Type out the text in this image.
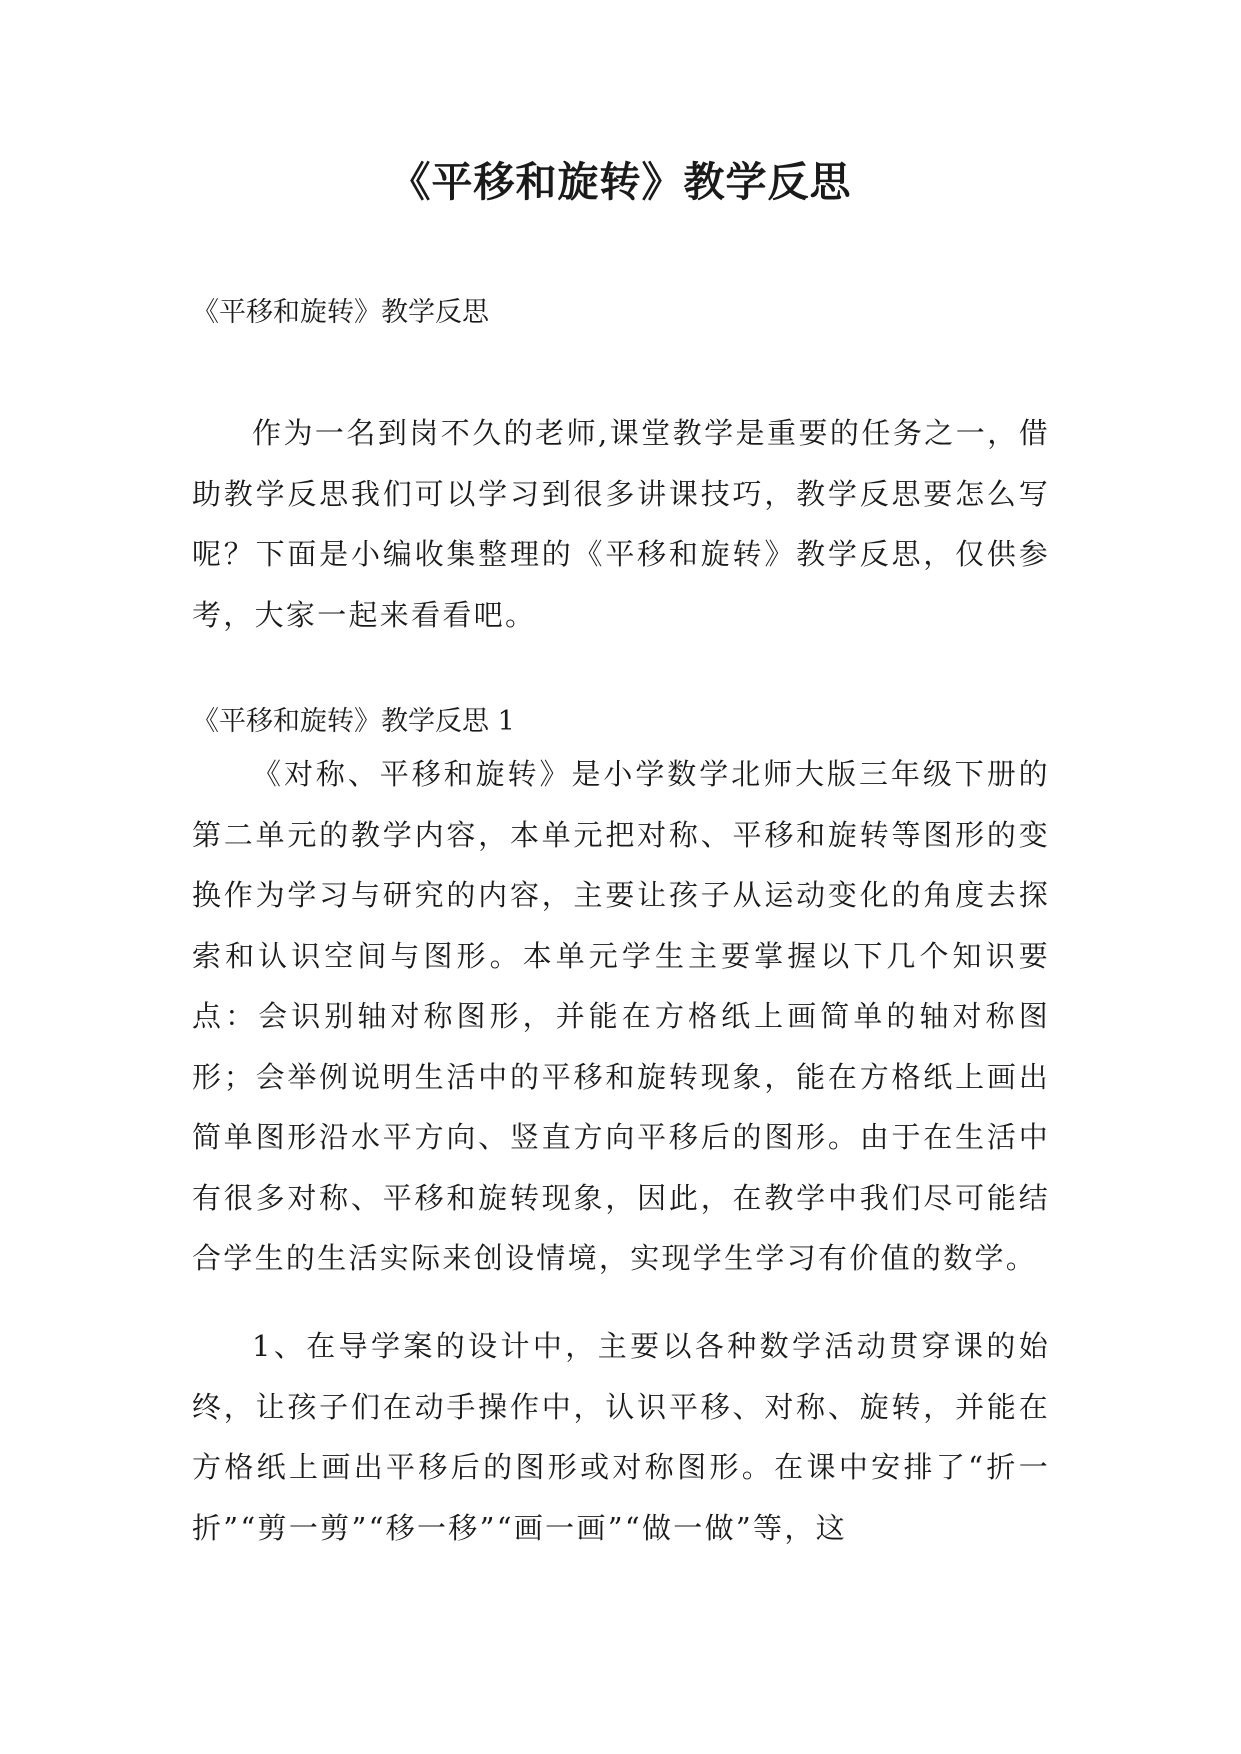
《平移和旋转》教学反思
《平移和旋转》教学反思

作为一名到岗不久的老师,课堂教学是重要的任务之一，借助教学反思我们可以学习到很多讲课技巧，教学反思要怎么写呢？下面是小编收集整理的《平移和旋转》教学反思，仅供参考，大家一起来看看吧。

《平移和旋转》教学反思 1

《对称、平移和旋转》是小学数学北师大版三年级下册的第二单元的教学内容，本单元把对称、平移和旋转等图形的变换作为学习与研究的内容，主要让孩子从运动变化的角度去探索和认识空间与图形。本单元学生主要掌握以下几个知识要点：会识别轴对称图形，并能在方格纸上画简单的轴对称图形；会举例说明生活中的平移和旋转现象，能在方格纸上画出简单图形沿水平方向、竖直方向平移后的图形。由于在生活中有很多对称、平移和旋转现象，因此，在教学中我们尽可能结合学生的生活实际来创设情境，实现学生学习有价值的数学。

1、在导学案的设计中，主要以各种数学活动贯穿课的始终，让孩子们在动手操作中，认识平移、对称、旋转，并能在方格纸上画出平移后的图形或对称图形。在课中安排了“折一折”“剪一剪”“移一移”“画一画”“做一做”等，这
